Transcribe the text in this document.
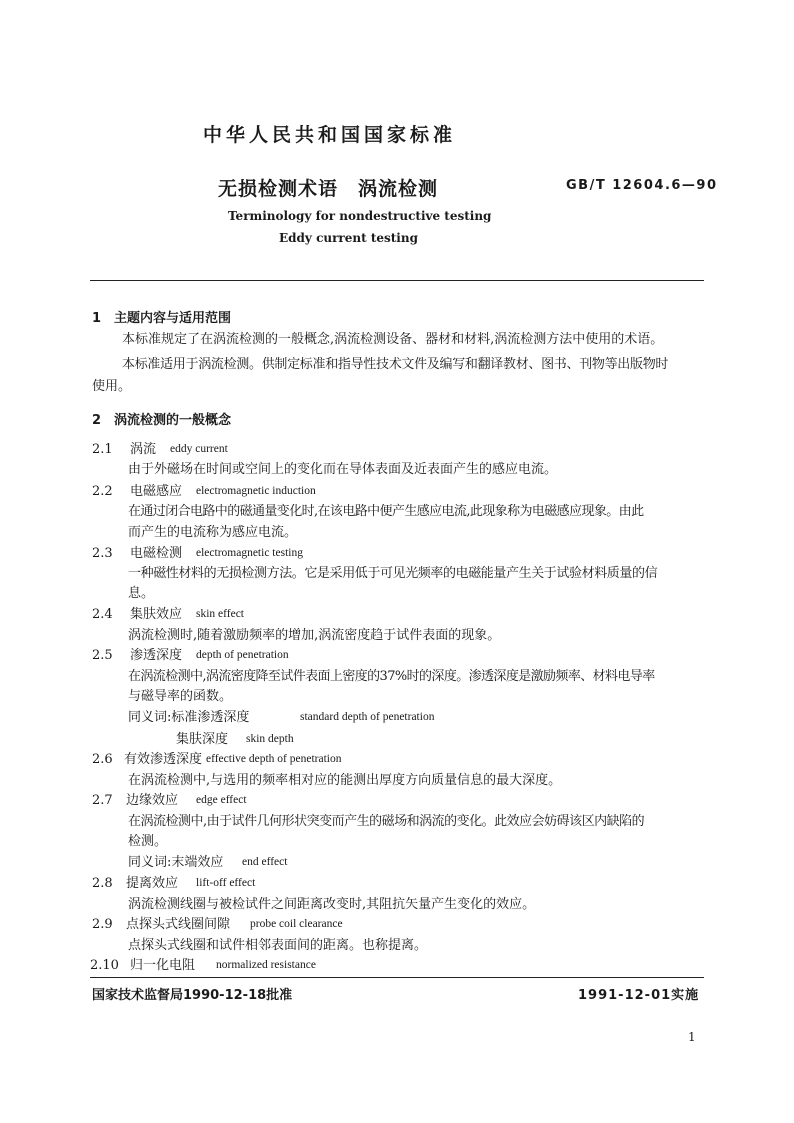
中华人民共和国国家标准
无损检测术语　涡流检测	GB/T 12604.6—90
Terminology for nondestructive testing
Eddy current testing
1　主题内容与适用范围
本标准规定了在涡流检测的一般概念,涡流检测设备、器材和材料,涡流检测方法中使用的术语。
本标准适用于涡流检测。供制定标准和指导性技术文件及编写和翻译教材、图书、刊物等出版物时
使用。
2　涡流检测的一般概念
2.1 涡流 eddy current
由于外磁场在时间或空间上的变化而在导体表面及近表面产生的感应电流。
2.2 电磁感应 electromagnetic induction
在通过闭合电路中的磁通量变化时,在该电路中便产生感应电流,此现象称为电磁感应现象。由此
而产生的电流称为感应电流。
2.3 电磁检测 electromagnetic testing
一种磁性材料的无损检测方法。它是采用低于可见光频率的电磁能量产生关于试验材料质量的信
息。
2.4 集肤效应 skin effect
涡流检测时,随着激励频率的增加,涡流密度趋于试件表面的现象。
2.5 渗透深度 depth of penetration
在涡流检测中,涡流密度降至试件表面上密度的37%时的深度。渗透深度是激励频率、材料电导率
与磁导率的函数。
同义词:标准渗透深度	standard depth of penetration
集肤深度 skin depth
2.6 有效渗透深度 effective depth of penetration
在涡流检测中,与选用的频率相对应的能测出厚度方向质量信息的最大深度。
2.7 边缘效应 edge effect
在涡流检测中,由于试件几何形状突变而产生的磁场和涡流的变化。此效应会妨碍该区内缺陷的
检测。
同义词:末端效应 end effect
2.8 提离效应 lift-off effect
涡流检测线圈与被检试件之间距离改变时,其阻抗矢量产生变化的效应。
2.9 点探头式线圈间隙 probe coil clearance
点探头式线圈和试件相邻表面间的距离。也称提离。
2.10 归一化电阻 normalized resistance
国家技术监督局1990-12-18批准	1991-12-01实施
1
